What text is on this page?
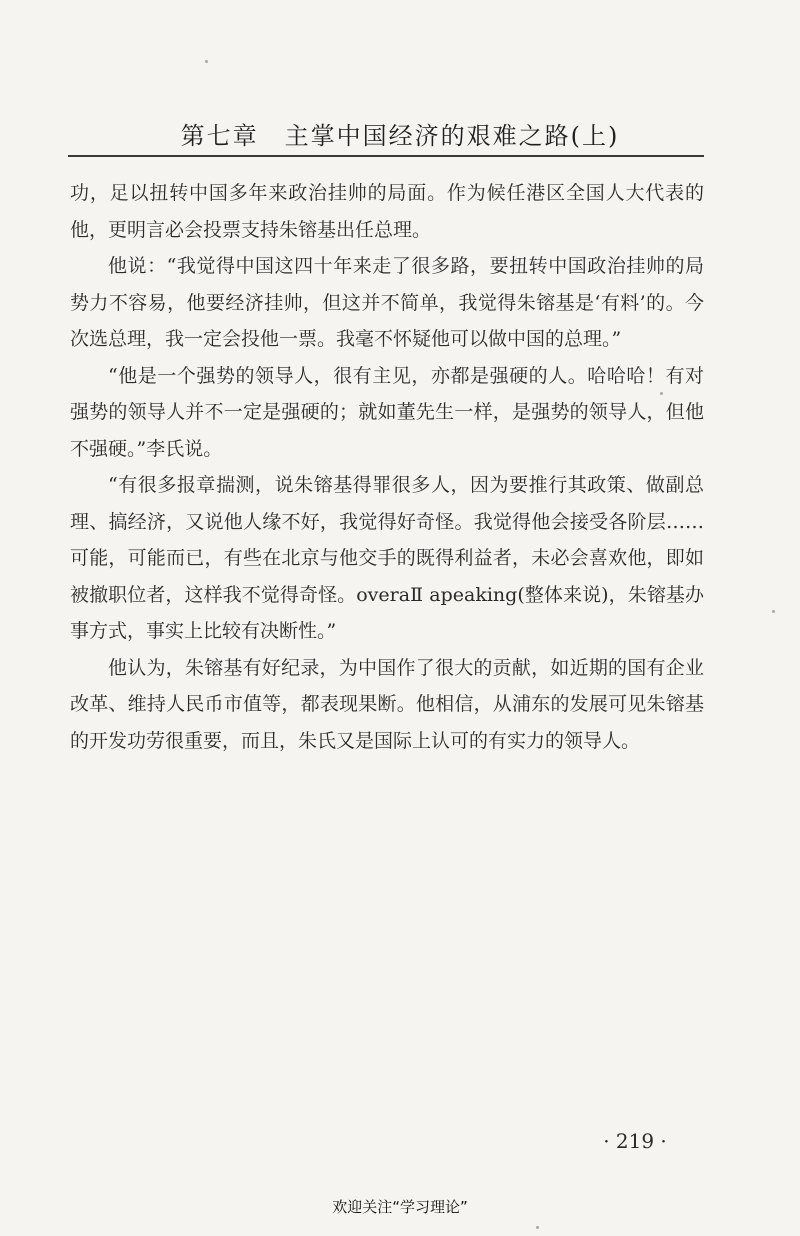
第七章　主掌中国经济的艰难之路(上)

功，足以扭转中国多年来政治挂帅的局面。作为候任港区全国人大代表的他，更明言必会投票支持朱镕基出任总理。

他说：“我觉得中国这四十年来走了很多路，要扭转中国政治挂帅的局势力不容易，他要经济挂帅，但这并不简单，我觉得朱镕基是‘有料’的。今次选总理，我一定会投他一票。我毫不怀疑他可以做中国的总理。”

“他是一个强势的领导人，很有主见，亦都是强硬的人。哈哈哈！有对强势的领导人并不一定是强硬的；就如董先生一样，是强势的领导人，但他不强硬。”李氏说。

“有很多报章揣测，说朱镕基得罪很多人，因为要推行其政策、做副总理、搞经济，又说他人缘不好，我觉得好奇怪。我觉得他会接受各阶层……可能，可能而已，有些在北京与他交手的既得利益者，未必会喜欢他，即如被撤职位者，这样我不觉得奇怪。overaⅡ apeaking(整体来说)，朱镕基办事方式，事实上比较有决断性。”

他认为，朱镕基有好纪录，为中国作了很大的贡献，如近期的国有企业改革、维持人民币市值等，都表现果断。他相信，从浦东的发展可见朱镕基的开发功劳很重要，而且，朱氏又是国际上认可的有实力的领导人。

· 219 ·
欢迎关注“学习理论”
